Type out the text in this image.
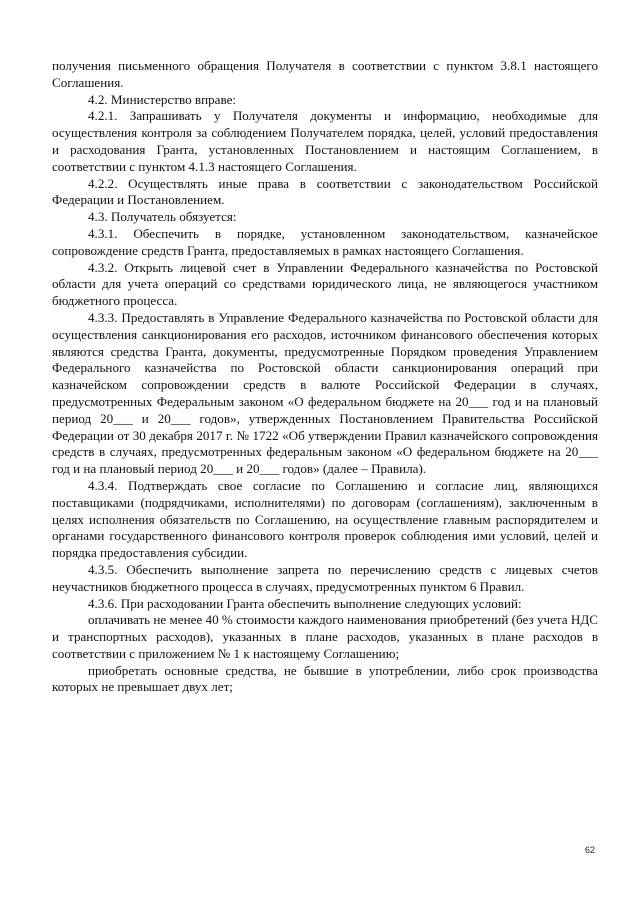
получения письменного обращения Получателя в соответствии с пунктом 3.8.1 настоящего Соглашения.

4.2. Министерство вправе:

4.2.1. Запрашивать у Получателя документы и информацию, необходимые для осуществления контроля за соблюдением Получателем порядка, целей, условий предоставления и расходования Гранта, установленных Постановлением и настоящим Соглашением, в соответствии с пунктом 4.1.3 настоящего Соглашения.

4.2.2. Осуществлять иные права в соответствии с законодательством Российской Федерации и Постановлением.

4.3. Получатель обязуется:

4.3.1. Обеспечить в порядке, установленном законодательством, казначейское сопровождение средств Гранта, предоставляемых в рамках настоящего Соглашения.

4.3.2. Открыть лицевой счет в Управлении Федерального казначейства по Ростовской области для учета операций со средствами юридического лица, не являющегося участником бюджетного процесса.

4.3.3. Предоставлять в Управление Федерального казначейства по Ростовской области для осуществления санкционирования его расходов, источником финансового обеспечения которых являются средства Гранта, документы, предусмотренные Порядком проведения Управлением Федерального казначейства по Ростовской области санкционирования операций при казначейском сопровождении средств в валюте Российской Федерации в случаях, предусмотренных Федеральным законом «О федеральном бюджете на 20___ год и на плановый период 20___ и 20___ годов», утвержденных Постановлением Правительства Российской Федерации от 30 декабря 2017 г. № 1722 «Об утверждении Правил казначейского сопровождения средств в случаях, предусмотренных федеральным законом «О федеральном бюджете на 20___ год и на плановый период 20___ и 20___ годов» (далее – Правила).

4.3.4. Подтверждать свое согласие по Соглашению и согласие лиц, являющихся поставщиками (подрядчиками, исполнителями) по договорам (соглашениям), заключенным в целях исполнения обязательств по Соглашению, на осуществление главным распорядителем и органами государственного финансового контроля проверок соблюдения ими условий, целей и порядка предоставления субсидии.

4.3.5. Обеспечить выполнение запрета по перечислению средств с лицевых счетов неучастников бюджетного процесса в случаях, предусмотренных пунктом 6 Правил.

4.3.6. При расходовании Гранта обеспечить выполнение следующих условий:

оплачивать не менее 40 % стоимости каждого наименования приобретений (без учета НДС и транспортных расходов), указанных в плане расходов, указанных в плане расходов в соответствии с приложением № 1 к настоящему Соглашению;

приобретать основные средства, не бывшие в употреблении, либо срок производства которых не превышает двух лет;

62
